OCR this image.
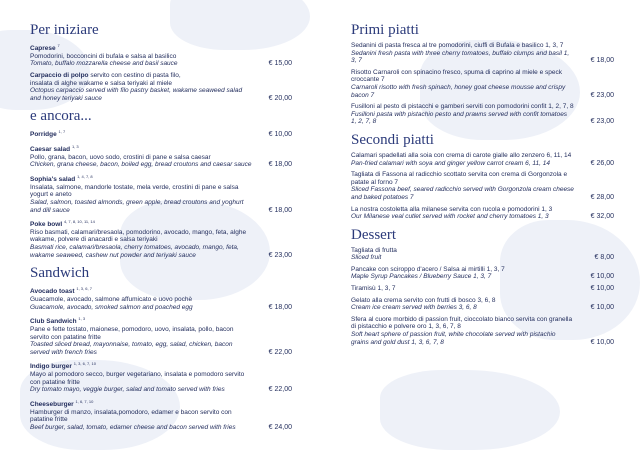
Per iniziare
Caprese $^7$
Pomodorini, bocconcini di bufala e salsa al basilico
Tomato, buffalo mozzarella cheese and basil sauce	€ 15,00
Carpaccio di polpo servito con cestino di pasta filo,
insalata di alghe wakame e salsa teriyaki al miele
Octopus carpaccio served with filo pastry basket, wakame seaweed salad and honey teriyaki sauce	€ 20,00
e ancora...
Porridge $^{1, 7}$	€ 10,00
Caesar salad $^{1, 3}$
Pollo, grana, bacon, uovo sodo, crostini di pane e salsa caesar
Chicken, grana cheese, bacon, boiled egg, bread croutons and caesar sauce € 18,00
Sophia's salad $^{1, 4, 7, 8}$
Insalata, salmone, mandorle tostate, mela verde, crostini di pane e salsa yogurt e aneto
Salad, salmon, toasted almonds, green apple, bread croutons and yoghurt and dill sauce	€ 18,00
Poke bowl $^{4, 7, 8, 10, 11, 14}$
Riso basmati, calamari/bresaola, pomodorino, avocado, mango, feta, alghe wakame, polvere di anacardi e salsa teriyaki
Basmati rice, calamari/bresaola, cherry tomatoes, avocado, mango, feta, wakame seaweed, cashew nut powder and teriyaki sauce	€ 23,00
Sandwich
Avocado toast $^{1, 3, 6, 7}$
Guacamole, avocado, salmone affumicato e uovo pochè
Guacamole, avocado, smoked salmon and poached egg	€ 18,00
Club Sandwich $^{1, 3}$
Pane e fette tostato, maionese, pomodoro, uovo, insalata, pollo, bacon servito con patatine fritte
Toasted sliced bread, mayonnaise, tomato, egg, salad, chicken, bacon served with french fries	€ 22,00
Indigo burger $^{1, 3, 6, 7, 10}$
Mayo al pomodoro secco, burger vegetariano, insalata e pomodoro servito con patatine fritte
Dry tomato mayo, veggie burger, salad and tomato served with fries	€ 22,00
Cheeseburger $^{1, 6, 7, 10}$
Hamburger di manzo, insalata,pomodoro, edamer e bacon servito con patatine fritte
Beef burger, salad, tomato, edamer cheese and bacon served with fries	€ 24,00
Primi piatti
Sedanini di pasta fresca al tre pomodorini, ciuffi di Bufala e basilico 1, 3, 7
Sedanini fresh pasta with three cherry tomatoes, buffalo clumps and basil 1, 3, 7	€ 18,00
Risotto Carnaroli con spinacino fresco, spuma di caprino al miele e speck croccante 7
Carnaroli risotto with fresh spinach, honey goat cheese mousse and crispy bacon 7	€ 23,00
Fusilloni al pesto di pistacchi e gamberi serviti con pomodorini confit 1, 2, 7, 8
Fusilloni pasta with pistachio pesto and prawns served with confit tomatoes 1, 2, 7, 8	€ 23,00
Secondi piatti
Calamari spadellati alla soia con crema di carote gialle allo zenzero 6, 11, 14
Pan-fried calamari with soya and ginger yellow carrot cream 6, 11, 14	€ 26,00
Tagliata di Fassona al radicchio scottato servita con crema di Gorgonzola e patate al forno 7
Sliced Fassona beef, seared radicchio served with Gorgonzola cream cheese and baked potatoes 7	€ 28,00
La nostra costoletta alla milanese servita con rucola e pomodorini 1, 3
Our Milanese veal cutlet served with rocket and cherry tomatoes 1, 3	€ 32,00
Dessert
Tagliata di frutta
Sliced fruit	€ 8,00
Pancake con sciroppo d'acero / Salsa ai mirtilli 1, 3, 7
Maple Syrup Pancakes / Blueberry Sauce 1, 3, 7	€ 10,00
Tiramisù 1, 3, 7	€ 10,00
Gelato alla crema servito con frutti di bosco 3, 6, 8
Cream ice cream served with berries 3, 6, 8	€ 10,00
Sfera al cuore morbido di passion fruit, cioccolato bianco servita con granella di pistacchio e polvere oro 1, 3, 6, 7, 8
Soft heart sphere of passion fruit, white chocolate served with pistachio grains and gold dust 1, 3, 6, 7, 8	€ 10,00
